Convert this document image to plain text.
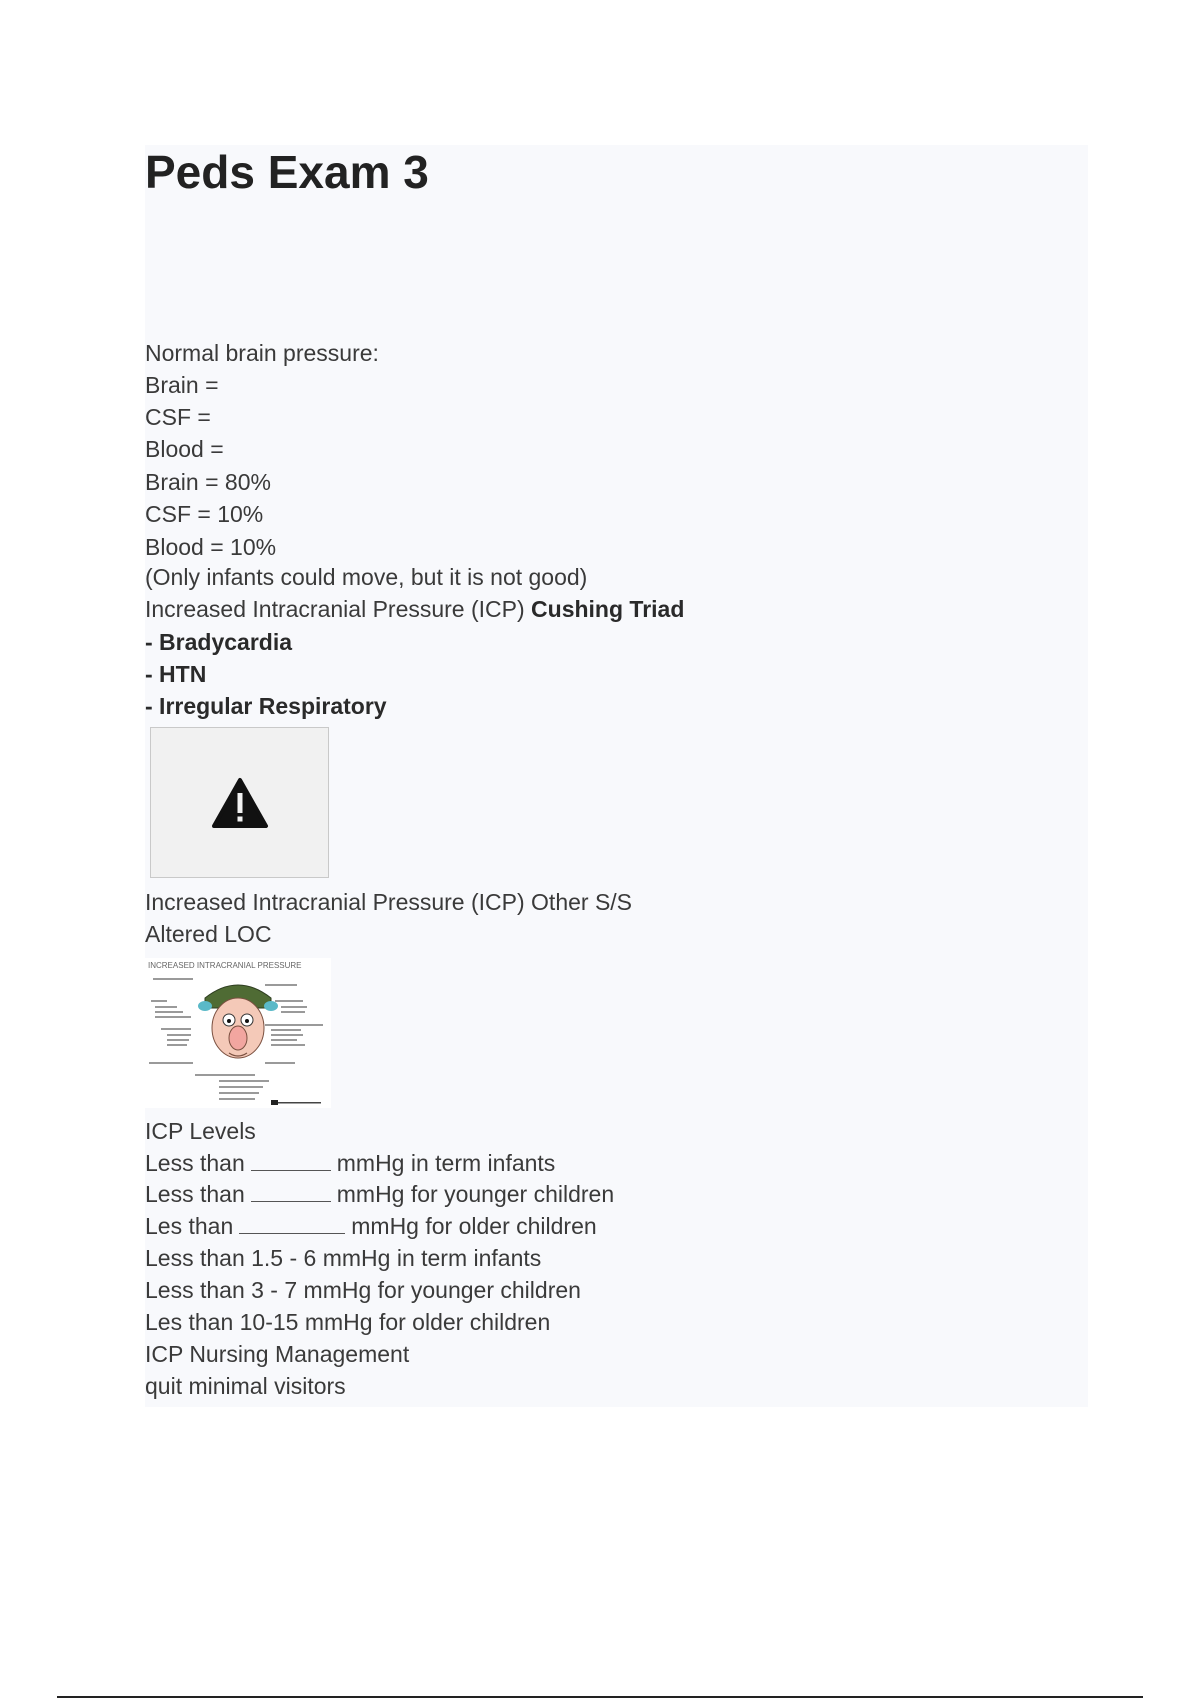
Peds Exam 3
Normal brain pressure:
Brain =
CSF =
Blood =
Brain = 80%
CSF = 10%
Blood = 10%
(Only infants could move, but it is not good)
Increased Intracranial Pressure (ICP) Cushing Triad
- Bradycardia
- HTN
- Irregular Respiratory
Increased Intracranial Pressure (ICP) Other S/S
Altered LOC
INCREASED INTRACRANIAL PRESSURE
ICP Levels
Less than	mmHg in term infants
Less than	mmHg for younger children
Les than	mmHg for older children
Less than 1.5 - 6 mmHg in term infants
Less than 3 - 7 mmHg for younger children
Les than 10-15 mmHg for older children
ICP Nursing Management
quit minimal visitors
